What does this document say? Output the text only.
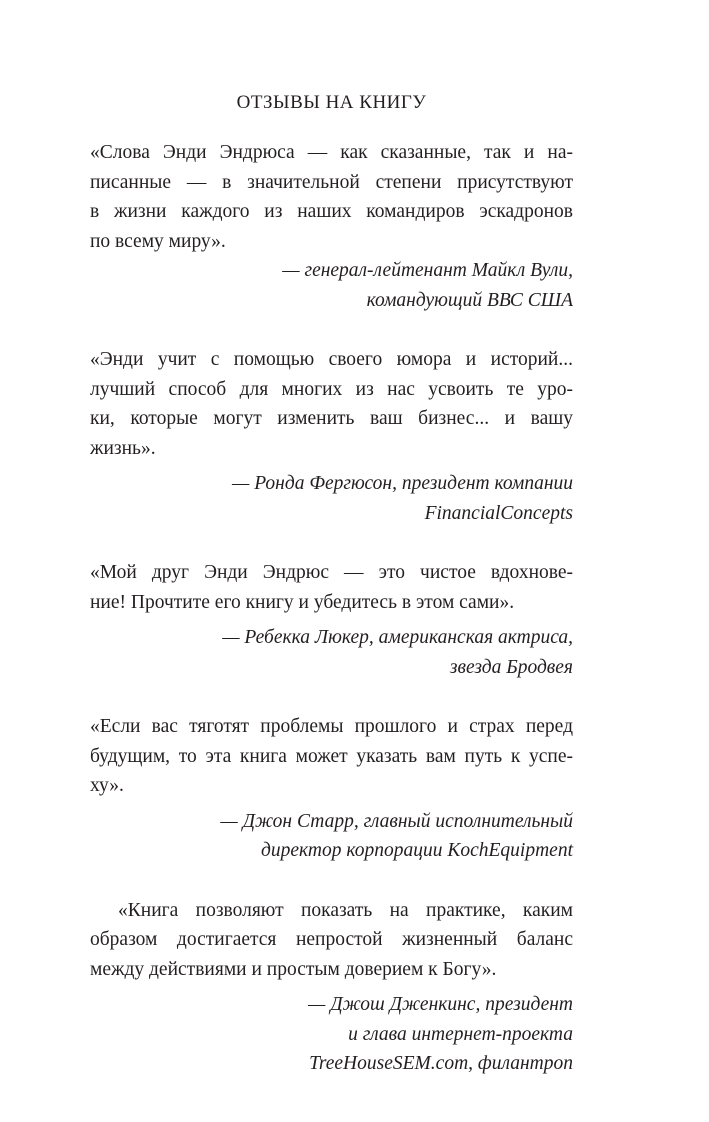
ОТЗЫВЫ НА КНИГУ

«Слова Энди Эндрюса — как сказанные, так и на-
писанные — в значительной степени присутствуют
в жизни каждого из наших командиров эскадронов
по всему миру».

— генерал-лейтенант Майкл Вули,
командующий ВВС США

«Энди учит с помощью своего юмора и историй...
лучший способ для многих из нас усвоить те уро-
ки, которые могут изменить ваш бизнес... и вашу
жизнь».

— Ронда Фергюсон, президент компании
FinancialConcepts

«Мой друг Энди Эндрюс — это чистое вдохнове-
ние! Прочтите его книгу и убедитесь в этом сами».

— Ребекка Люкер, американская актриса,
звезда Бродвея

«Если вас тяготят проблемы прошлого и страх перед
будущим, то эта книга может указать вам путь к успе-
ху».

— Джон Старр, главный исполнительный
директор корпорации KochEquipment

«Книга позволяют показать на практике, каким
образом достигается непростой жизненный баланс
между действиями и простым доверием к Богу».

— Джош Дженкинс, президент
и глава интернет-проекта
TreeHouseSEM.com, филантроп
